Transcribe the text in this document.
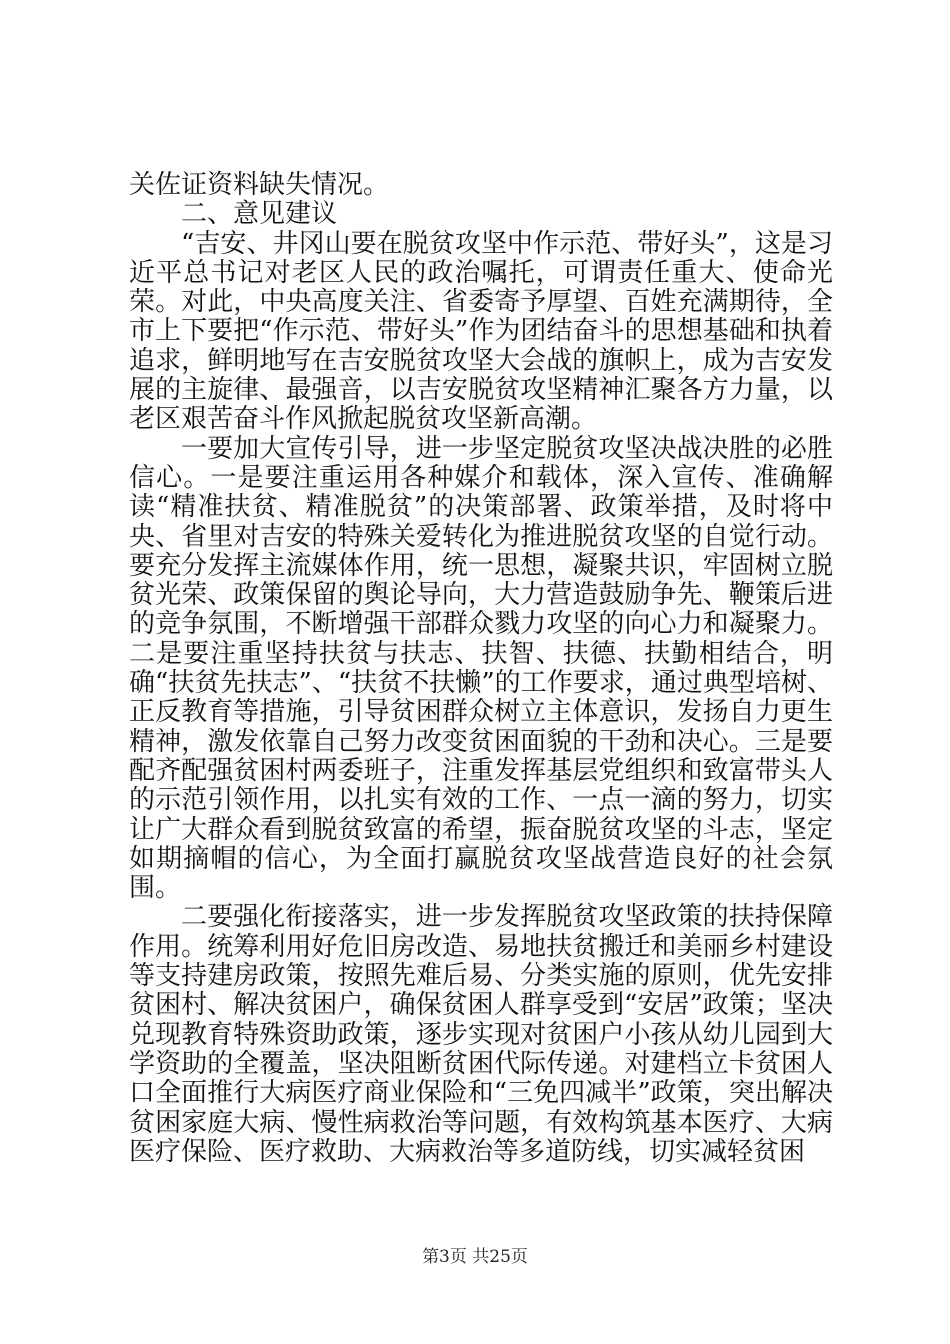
关佐证资料缺失情况。

二、意见建议

“吉安、井冈山要在脱贫攻坚中作示范、带好头”，这是习近平总书记对老区人民的政治嘱托，可谓责任重大、使命光荣。对此，中央高度关注、省委寄予厚望、百姓充满期待，全市上下要把“作示范、带好头”作为团结奋斗的思想基础和执着追求，鲜明地写在吉安脱贫攻坚大会战的旗帜上，成为吉安发展的主旋律、最强音，以吉安脱贫攻坚精神汇聚各方力量，以老区艰苦奋斗作风掀起脱贫攻坚新高潮。

一要加大宣传引导，进一步坚定脱贫攻坚决战决胜的必胜信心。一是要注重运用各种媒介和载体，深入宣传、准确解读“精准扶贫、精准脱贫”的决策部署、政策举措，及时将中央、省里对吉安的特殊关爱转化为推进脱贫攻坚的自觉行动。要充分发挥主流媒体作用，统一思想，凝聚共识，牢固树立脱贫光荣、政策保留的舆论导向，大力营造鼓励争先、鞭策后进的竞争氛围，不断增强干部群众戮力攻坚的向心力和凝聚力。二是要注重坚持扶贫与扶志、扶智、扶德、扶勤相结合，明确“扶贫先扶志”、“扶贫不扶懒”的工作要求，通过典型培树、正反教育等措施，引导贫困群众树立主体意识，发扬自力更生精神，激发依靠自己努力改变贫困面貌的干劲和决心。三是要配齐配强贫困村两委班子，注重发挥基层党组织和致富带头人的示范引领作用，以扎实有效的工作、一点一滴的努力，切实让广大群众看到脱贫致富的希望，振奋脱贫攻坚的斗志，坚定如期摘帽的信心，为全面打赢脱贫攻坚战营造良好的社会氛围。

二要强化衔接落实，进一步发挥脱贫攻坚政策的扶持保障作用。统筹利用好危旧房改造、易地扶贫搬迁和美丽乡村建设等支持建房政策，按照先难后易、分类实施的原则，优先安排贫困村、解决贫困户，确保贫困人群享受到“安居”政策；坚决兑现教育特殊资助政策，逐步实现对贫困户小孩从幼儿园到大学资助的全覆盖，坚决阻断贫困代际传递。对建档立卡贫困人口全面推行大病医疗商业保险和“三免四减半”政策，突出解决贫困家庭大病、慢性病救治等问题，有效构筑基本医疗、大病医疗保险、医疗救助、大病救治等多道防线，切实减轻贫困

第3页 共25页
